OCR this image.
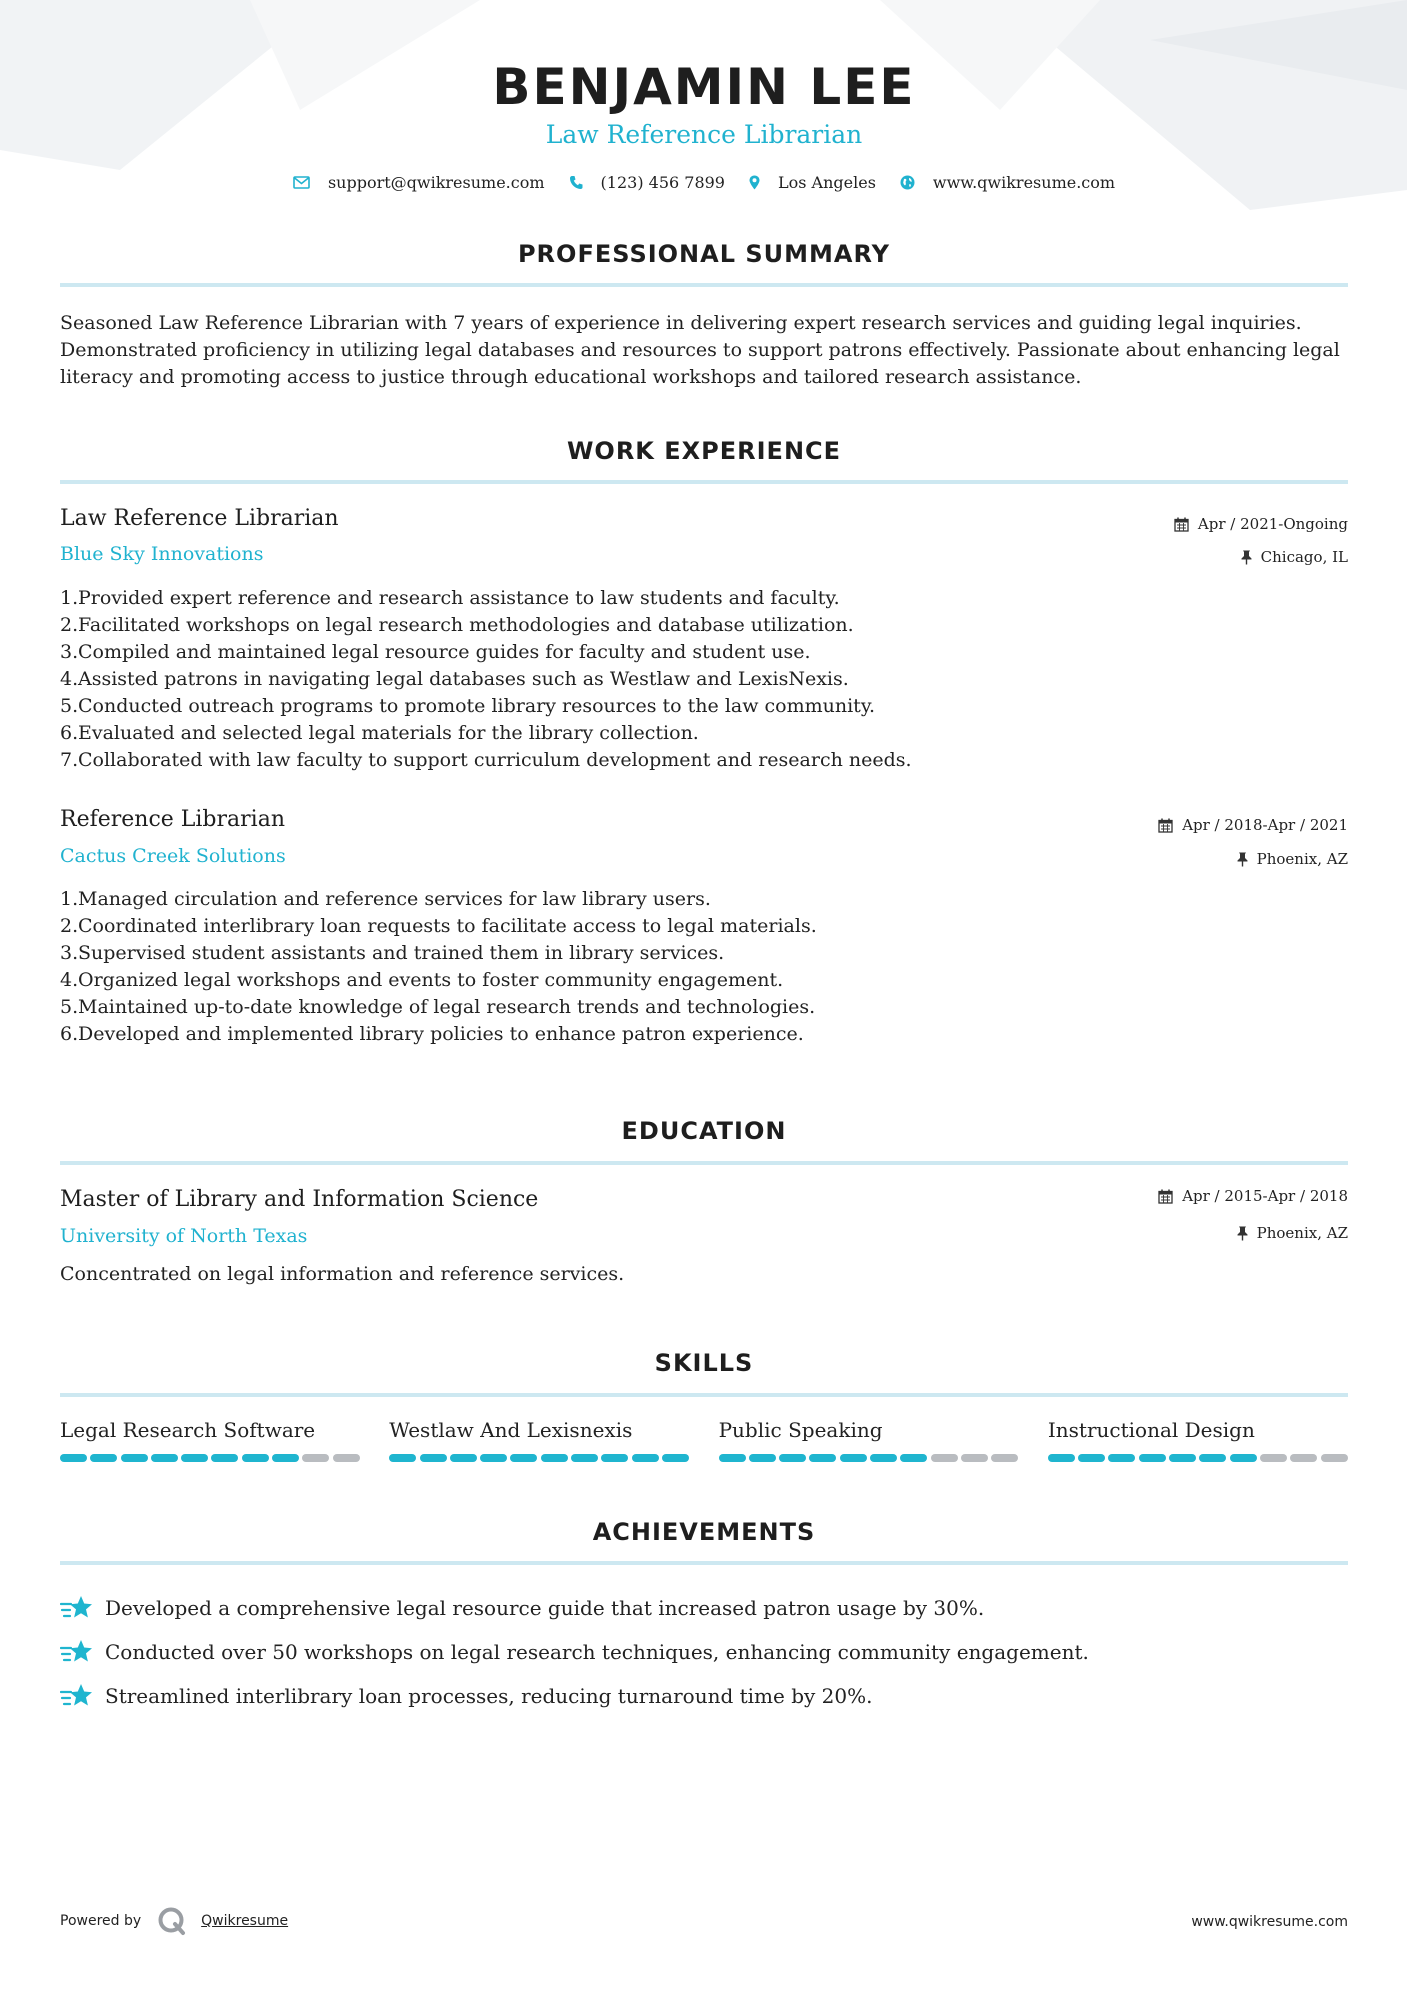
BENJAMIN LEE
Law Reference Librarian
support@qwikresume.com	(123) 456 7899	Los Angeles	www.qwikresume.com
PROFESSIONAL SUMMARY
Seasoned Law Reference Librarian with 7 years of experience in delivering expert research services and guiding legal inquiries. Demonstrated proficiency in utilizing legal databases and resources to support patrons effectively. Passionate about enhancing legal literacy and promoting access to justice through educational workshops and tailored research assistance.
WORK EXPERIENCE
Law Reference Librarian
Blue Sky Innovations
Apr / 2021-Ongoing
Chicago, IL
1. Provided expert reference and research assistance to law students and faculty.
2. Facilitated workshops on legal research methodologies and database utilization.
3. Compiled and maintained legal resource guides for faculty and student use.
4. Assisted patrons in navigating legal databases such as Westlaw and LexisNexis.
5. Conducted outreach programs to promote library resources to the law community.
6. Evaluated and selected legal materials for the library collection.
7. Collaborated with law faculty to support curriculum development and research needs.
Reference Librarian
Cactus Creek Solutions
Apr / 2018-Apr / 2021
Phoenix, AZ
1. Managed circulation and reference services for law library users.
2. Coordinated interlibrary loan requests to facilitate access to legal materials.
3. Supervised student assistants and trained them in library services.
4. Organized legal workshops and events to foster community engagement.
5. Maintained up-to-date knowledge of legal research trends and technologies.
6. Developed and implemented library policies to enhance patron experience.
EDUCATION
Master of Library and Information Science
University of North Texas
Apr / 2015-Apr / 2018
Phoenix, AZ
Concentrated on legal information and reference services.
SKILLS
Legal Research Software	Westlaw And Lexisnexis	Public Speaking	Instructional Design
ACHIEVEMENTS
Developed a comprehensive legal resource guide that increased patron usage by 30%.
Conducted over 50 workshops on legal research techniques, enhancing community engagement.
Streamlined interlibrary loan processes, reducing turnaround time by 20%.
Powered by	Qwikresume	www.qwikresume.com
